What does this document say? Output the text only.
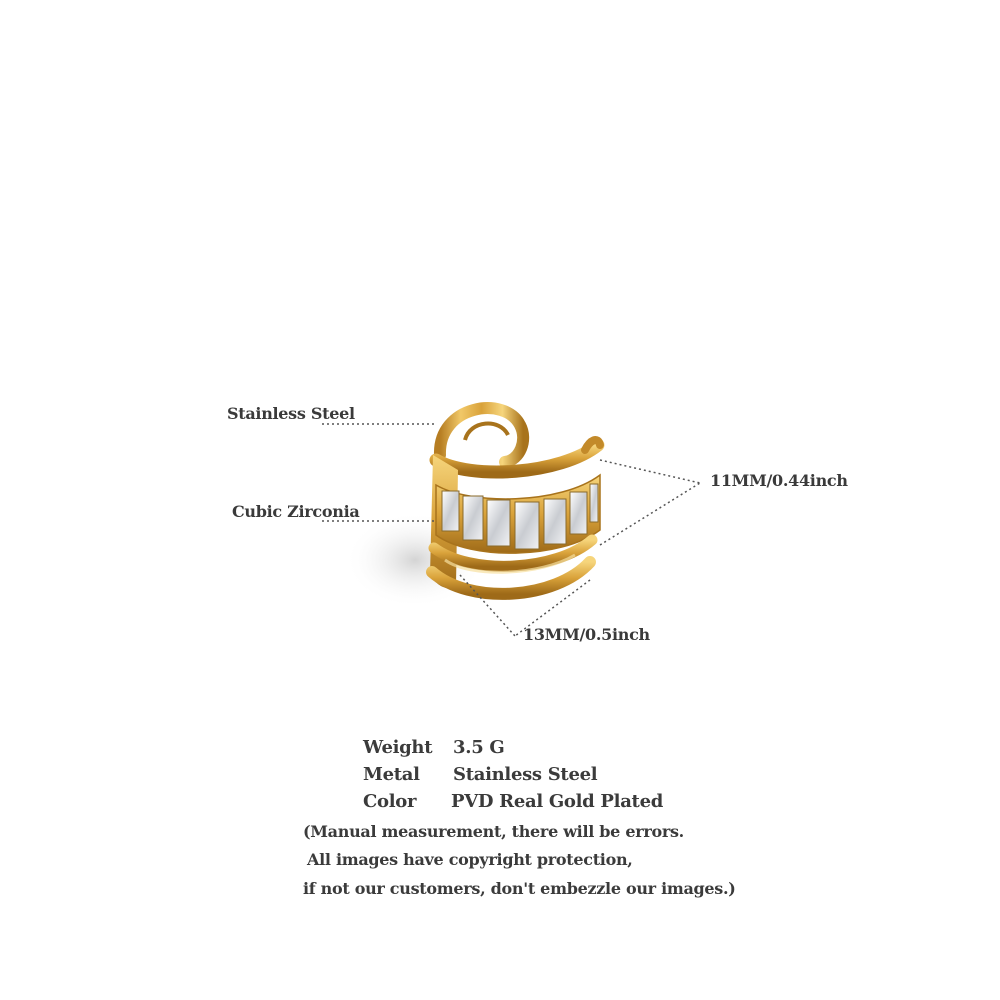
Stainless Steel
Cubic Zirconia
11MM/0.44inch
13MM/0.5inch
Weight 3.5 G
Metal Stainless Steel
Color PVD Real Gold Plated
(Manual measurement, there will be errors.
All images have copyright protection,
if not our customers, don't embezzle our images.)
